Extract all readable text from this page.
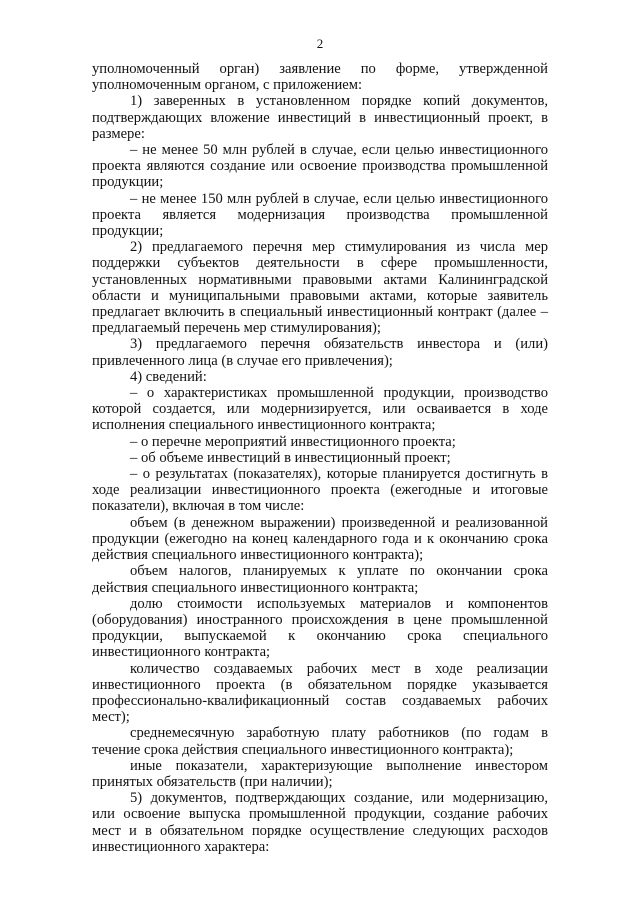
2

уполномоченный орган) заявление по форме, утвержденной уполномоченным органом, с приложением:

1) заверенных в установленном порядке копий документов, подтверждающих вложение инвестиций в инвестиционный проект, в размере:

– не менее 50 млн рублей в случае, если целью инвестиционного проекта являются создание или освоение производства промышленной продукции;

– не менее 150 млн рублей в случае, если целью инвестиционного проекта является модернизация производства промышленной продукции;

2) предлагаемого перечня мер стимулирования из числа мер поддержки субъектов деятельности в сфере промышленности, установленных нормативными правовыми актами Калининградской области и муниципальными правовыми актами, которые заявитель предлагает включить в специальный инвестиционный контракт (далее – предлагаемый перечень мер стимулирования);

3) предлагаемого перечня обязательств инвестора и (или) привлеченного лица (в случае его привлечения);

4) сведений:

– о характеристиках промышленной продукции, производство которой создается, или модернизируется, или осваивается в ходе исполнения специального инвестиционного контракта;

– о перечне мероприятий инвестиционного проекта;

– об объеме инвестиций в инвестиционный проект;

– о результатах (показателях), которые планируется достигнуть в ходе реализации инвестиционного проекта (ежегодные и итоговые показатели), включая в том числе:

объем (в денежном выражении) произведенной и реализованной продукции (ежегодно на конец календарного года и к окончанию срока действия специального инвестиционного контракта);

объем налогов, планируемых к уплате по окончании срока действия специального инвестиционного контракта;

долю стоимости используемых материалов и компонентов (оборудования) иностранного происхождения в цене промышленной продукции, выпускаемой к окончанию срока специального инвестиционного контракта;

количество создаваемых рабочих мест в ходе реализации инвестиционного проекта (в обязательном порядке указывается профессионально-квалификационный состав создаваемых рабочих мест);

среднемесячную заработную плату работников (по годам в течение срока действия специального инвестиционного контракта);

иные показатели, характеризующие выполнение инвестором принятых обязательств (при наличии);

5) документов, подтверждающих создание, или модернизацию, или освоение выпуска промышленной продукции, создание рабочих мест и в обязательном порядке осуществление следующих расходов инвестиционного характера:
